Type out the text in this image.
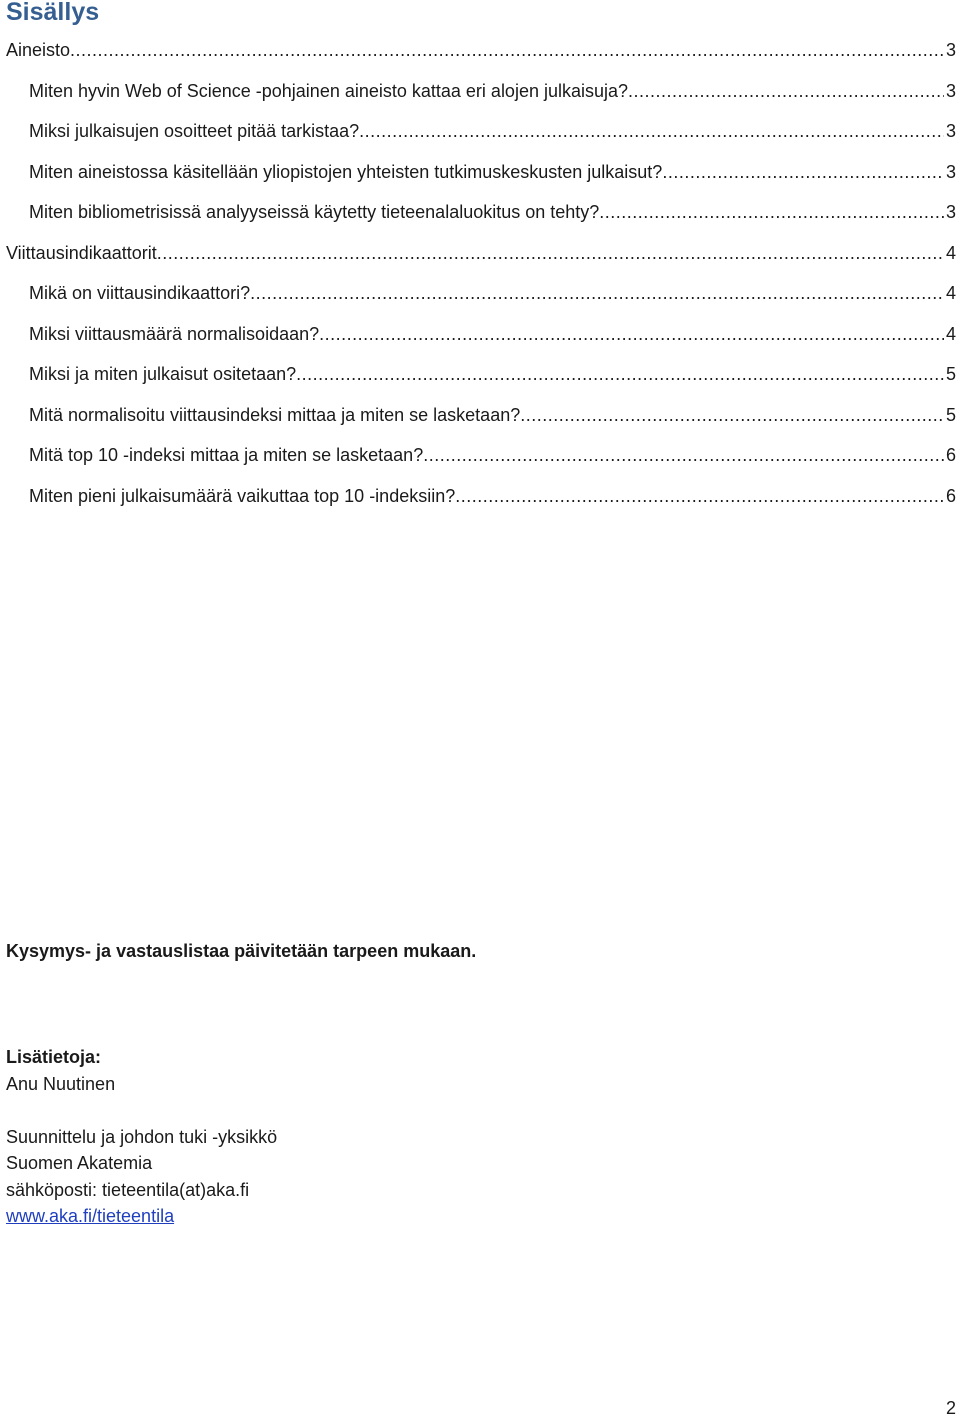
Sisällys
Aineisto .....	3
Miten hyvin Web of Science -pohjainen aineisto kattaa eri alojen julkaisuja? .....	3
Miksi julkaisujen osoitteet pitää tarkistaa? .....	3
Miten aineistossa käsitellään yliopistojen yhteisten tutkimuskeskusten julkaisut? .....	3
Miten bibliometrisissä analyyseissä käytetty tieteenalaluokitus on tehty? .....	3
Viittausindikaattorit .....	4
Mikä on viittausindikaattori? .....	4
Miksi viittausmäärä normalisoidaan? .....	4
Miksi ja miten julkaisut ositetaan? .....	5
Mitä normalisoitu viittausindeksi mittaa ja miten se lasketaan? .....	5
Mitä top 10 -indeksi mittaa ja miten se lasketaan? .....	6
Miten pieni julkaisumäärä vaikuttaa top 10 -indeksiin? .....	6

Kysymys- ja vastauslistaa päivitetään tarpeen mukaan.

Lisätietoja:
Anu Nuutinen
Suunnittelu ja johdon tuki -yksikkö
Suomen Akatemia
sähköposti: tieteentila(at)aka.fi
www.aka.fi/tieteentila
2
